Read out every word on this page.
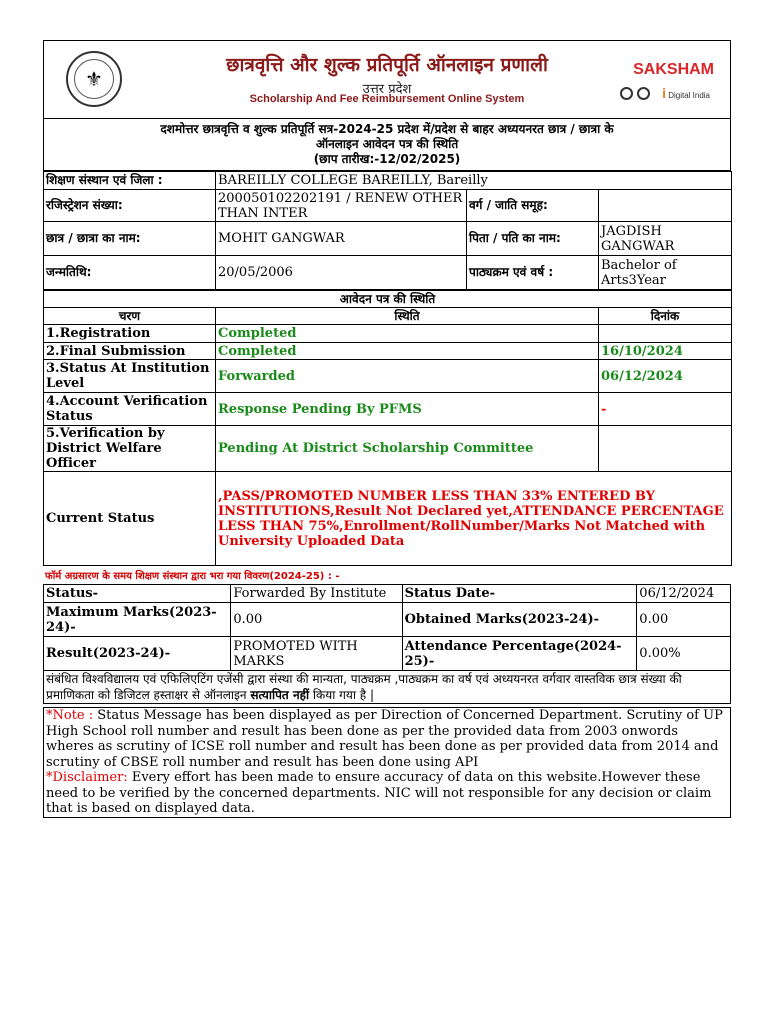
⚜
छात्रवृत्ति और शुल्क प्रतिपूर्ति ऑनलाइन प्रणाली
उत्तर प्रदेश
Scholarship And Fee Reimbursement Online System
SAKSHAM
i Digital India
दशमोत्तर छात्रवृत्ति व शुल्क प्रतिपूर्ति सत्र-2024-25 प्रदेश में/प्रदेश से बाहर अध्ययनरत छात्र / छात्रा के
ऑनलाइन आवेदन पत्र की स्थिति
(छाप तारीख:-12/02/2025)
शिक्षण संस्थान एवं जिला :	BAREILLY COLLEGE BAREILLY, Bareilly		
रजिस्ट्रेशन संख्या:	200050102202191 / RENEW OTHER THAN INTER	वर्ग / जाति समूह:	
छात्र / छात्रा का नाम:	MOHIT GANGWAR	पिता / पति का नाम:	JAGDISH GANGWAR
जन्मतिथि:	20/05/2006	पाठ्यक्रम एवं वर्ष :	Bachelor of Arts3Year
आवेदन पत्र की स्थिति		
चरण	स्थिति	दिनांक
1.Registration	Completed	
2.Final Submission	Completed	16/10/2024
3.Status At Institution Level	Forwarded	06/12/2024
4.Account Verification Status	Response Pending By PFMS	-
5.Verification by District Welfare Officer	Pending At District Scholarship Committee	
Current Status	,PASS/PROMOTED NUMBER LESS THAN 33% ENTERED BY INSTITUTIONS,Result Not Declared yet,ATTENDANCE PERCENTAGE LESS THAN 75%,Enrollment/RollNumber/Marks Not Matched with University Uploaded Data	
फॉर्म अग्रसारण के समय शिक्षण संस्थान द्वारा भरा गया विवरण(2024-25) : -
Status-	Forwarded By Institute	Status Date-	06/12/2024
Maximum Marks(2023-24)-	0.00	Obtained Marks(2023-24)-	0.00
Result(2023-24)-	PROMOTED WITH MARKS	Attendance Percentage(2024-25)-	0.00%
संबंधित विश्वविद्यालय एवं एफिलिएटिंग एजेंसी द्वारा संस्था की मान्यता, पाठ्यक्रम ,पाठ्यक्रम का वर्ष एवं अध्ययनरत वर्गवार वास्तविक छात्र संख्या की प्रमाणिकता को डिजिटल हस्ताक्षर से ऑनलाइन सत्यापित नहीं किया गया है |
*Note : Status Message has been displayed as per Direction of Concerned Department. Scrutiny of UP High School roll number and result has been done as per the provided data from 2003 onwords wheres as scrutiny of ICSE roll number and result has been done as per provided data from 2014 and scrutiny of CBSE roll number and result has been done using API
*Disclaimer: Every effort has been made to ensure accuracy of data on this website.However these need to be verified by the concerned departments. NIC will not responsible for any decision or claim that is based on displayed data.
